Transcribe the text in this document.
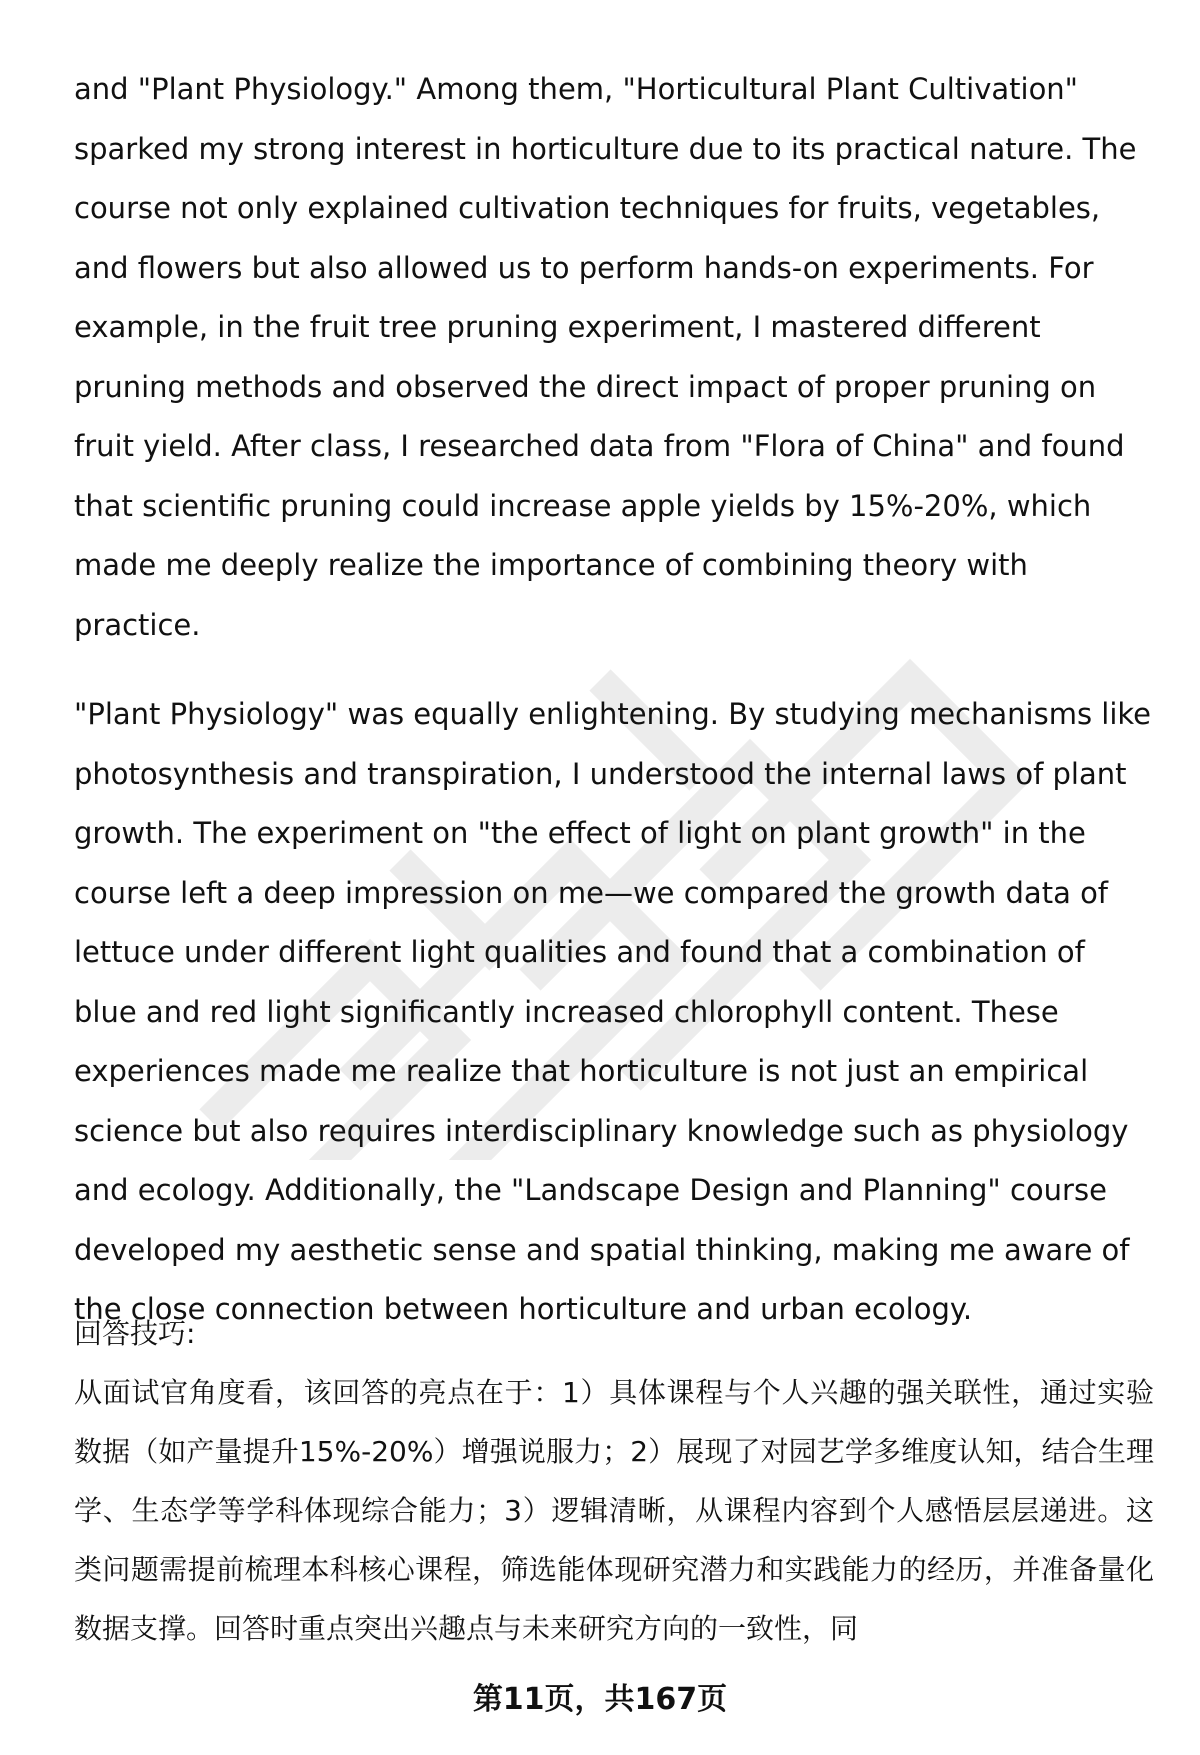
and "Plant Physiology." Among them, "Horticultural Plant Cultivation" sparked my strong interest in horticulture due to its practical nature. The course not only explained cultivation techniques for fruits, vegetables, and flowers but also allowed us to perform hands-on experiments. For example, in the fruit tree pruning experiment, I mastered different pruning methods and observed the direct impact of proper pruning on fruit yield. After class, I researched data from "Flora of China" and found that scientific pruning could increase apple yields by 15%-20%, which made me deeply realize the importance of combining theory with practice.

"Plant Physiology" was equally enlightening. By studying mechanisms like photosynthesis and transpiration, I understood the internal laws of plant growth. The experiment on "the effect of light on plant growth" in the course left a deep impression on me—we compared the growth data of lettuce under different light qualities and found that a combination of blue and red light significantly increased chlorophyll content. These experiences made me realize that horticulture is not just an empirical science but also requires interdisciplinary knowledge such as physiology and ecology. Additionally, the "Landscape Design and Planning" course developed my aesthetic sense and spatial thinking, making me aware of the close connection between horticulture and urban ecology.

回答技巧:

从面试官角度看，该回答的亮点在于：1）具体课程与个人兴趣的强关联性，通过实验数据（如产量提升15%-20%）增强说服力；2）展现了对园艺学多维度认知，结合生理学、生态学等学科体现综合能力；3）逻辑清晰，从课程内容到个人感悟层层递进。这类问题需提前梳理本科核心课程，筛选能体现研究潜力和实践能力的经历，并准备量化数据支撑。回答时重点突出兴趣点与未来研究方向的一致性，同

第11页，共167页
